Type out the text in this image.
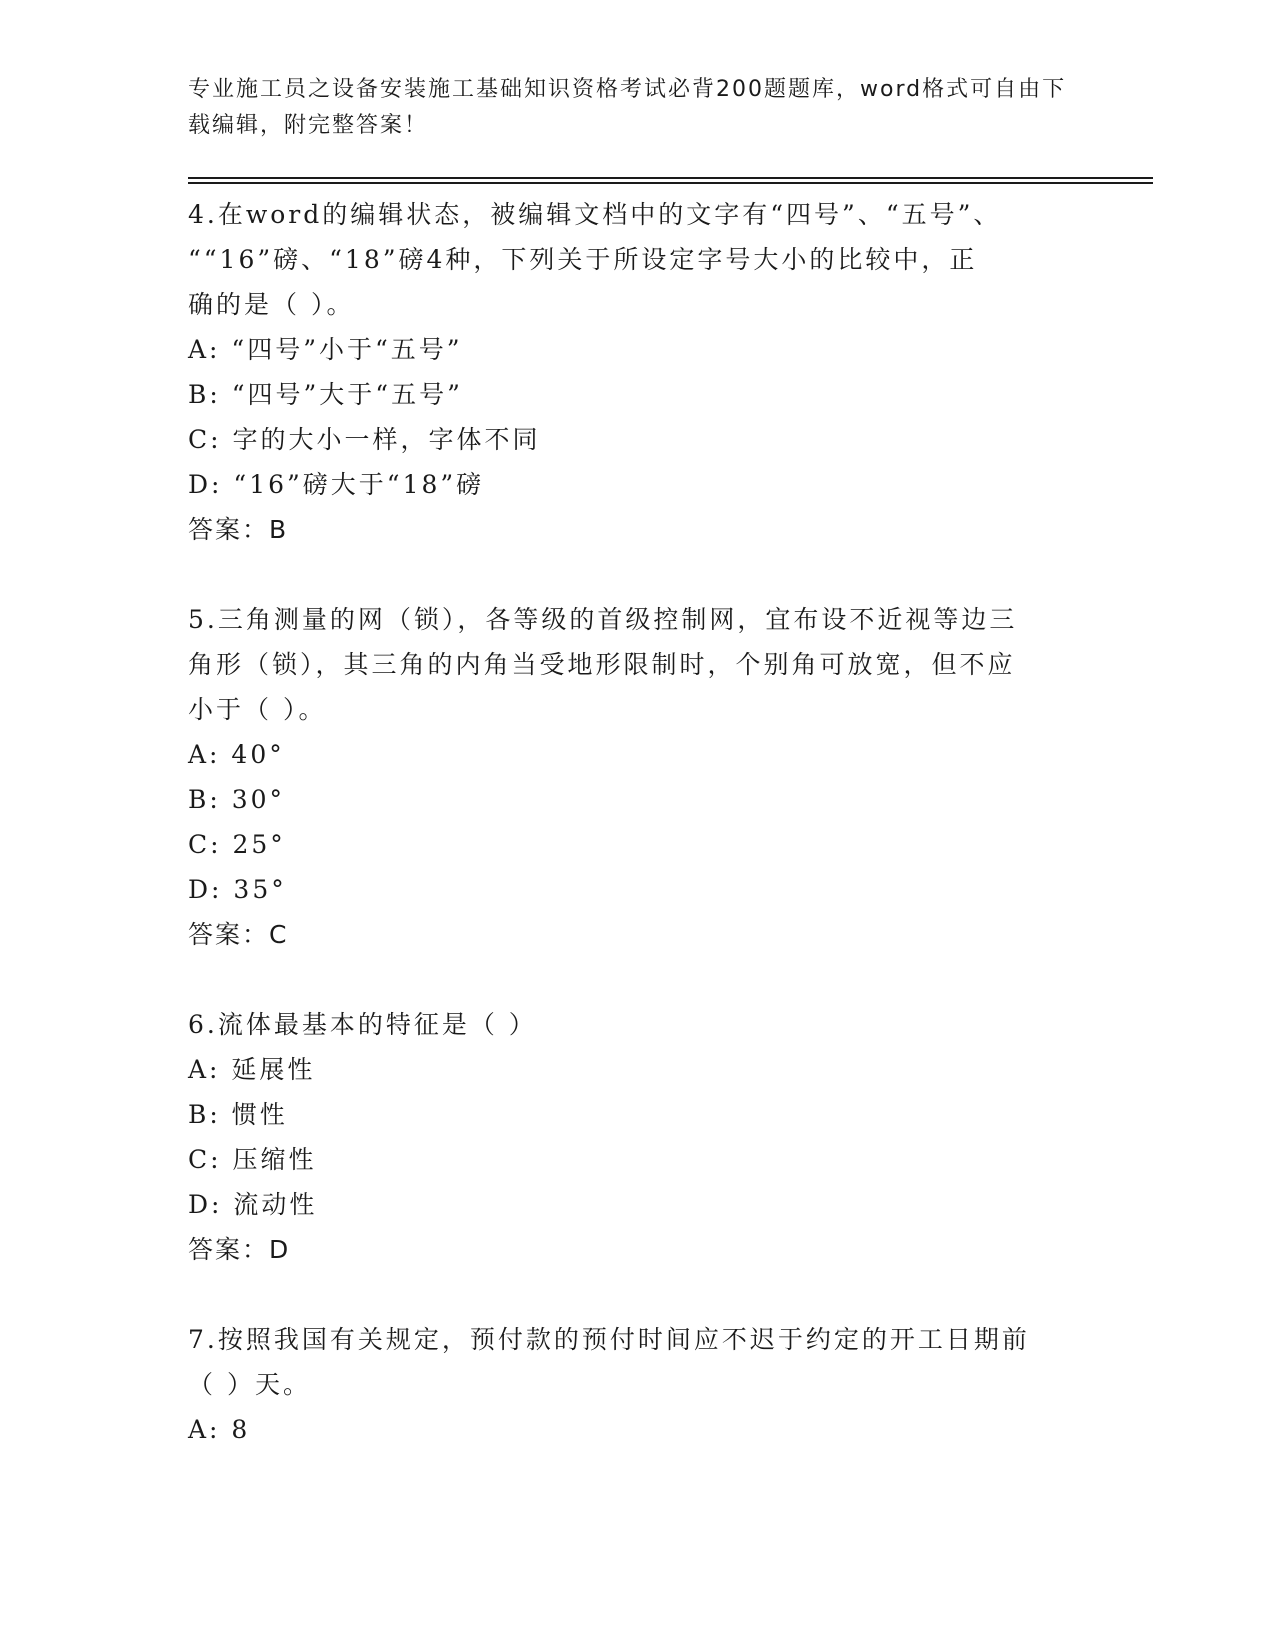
专业施工员之设备安装施工基础知识资格考试必背200题题库，word格式可自由下载编辑，附完整答案！
4.在word的编辑状态，被编辑文档中的文字有“四号”、“五号”、
““16”磅、“18”磅4种，下列关于所设定字号大小的比较中，正
确的是（ ）。
A: “四号”小于“五号”
B: “四号”大于“五号”
C: 字的大小一样，字体不同
D: “16”磅大于“18”磅
答案：B
5.三角测量的网（锁），各等级的首级控制网，宜布设不近视等边三
角形（锁），其三角的内角当受地形限制时，个别角可放宽，但不应
小于（ ）。
A: 40°
B: 30°
C: 25°
D: 35°
答案：C
6.流体最基本的特征是（ ）
A: 延展性
B: 惯性
C: 压缩性
D: 流动性
答案：D
7.按照我国有关规定，预付款的预付时间应不迟于约定的开工日期前
（ ）天。
A: 8
